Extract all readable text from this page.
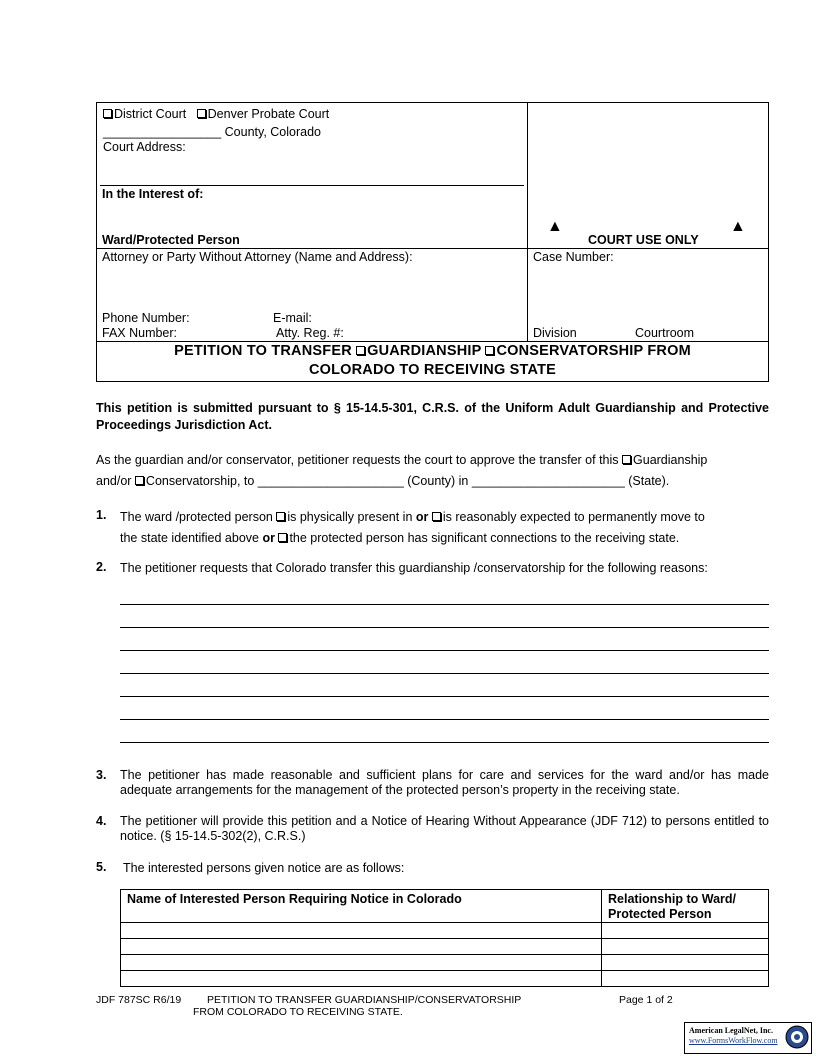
District Court Denver Probate Court
_________________ County, Colorado
Court Address:
In the Interest of:
Ward/Protected Person
▲
COURT USE ONLY
▲
Attorney or Party Without Attorney (Name and Address):
Phone Number:	E-mail:
FAX Number:	Atty. Reg. #:
Case Number:
Division	Courtroom
PETITION TO TRANSFER GUARDIANSHIP CONSERVATORSHIP FROM
COLORADO TO RECEIVING STATE
This petition is submitted pursuant to § 15-14.5-301, C.R.S. of the Uniform Adult Guardianship and Protective Proceedings Jurisdiction Act.
As the guardian and/or conservator, petitioner requests the court to approve the transfer of this Guardianship
and/or Conservatorship, to _____________________ (County) in ______________________ (State).
1. The ward /protected person is physically present in or is reasonably expected to permanently move to
the state identified above or the protected person has significant connections to the receiving state.
2. The petitioner requests that Colorado transfer this guardianship /conservatorship for the following reasons:
3. The petitioner has made reasonable and sufficient plans for care and services for the ward and/or has made adequate arrangements for the management of the protected person’s property in the receiving state.
4. The petitioner will provide this petition and a Notice of Hearing Without Appearance (JDF 712) to persons entitled to notice. (§ 15-14.5-302(2), C.R.S.)
5. The interested persons given notice are as follows:
Name of Interested Person Requiring Notice in Colorado	Relationship to Ward/
Protected Person

JDF 787SC R6/19 PETITION TO TRANSFER GUARDIANSHIP/CONSERVATORSHIP
FROM COLORADO TO RECEIVING STATE.
Page 1 of 2
American LegalNet, Inc.
www.FormsWorkFlow.com
